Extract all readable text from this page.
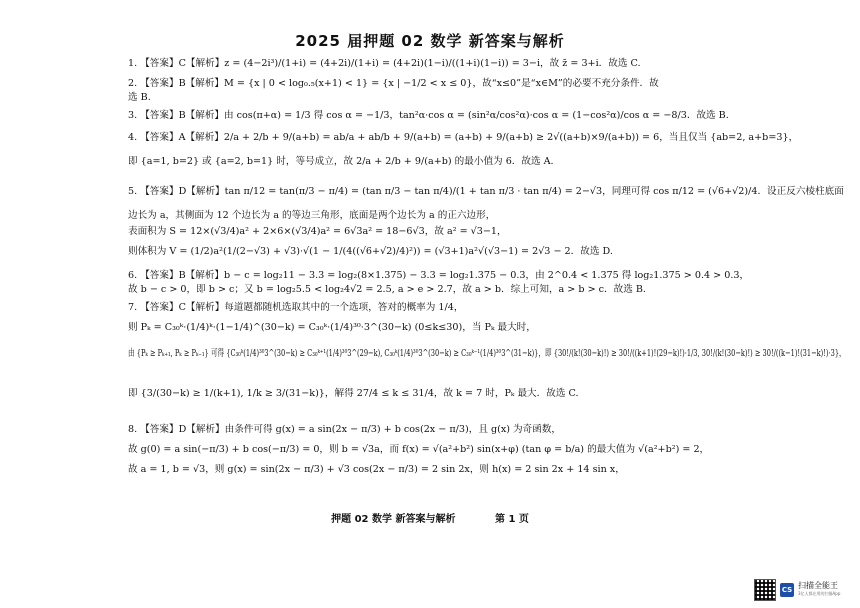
2025 届押题 02 数学 新答案与解析
1. 【答案】C【解析】z = (4−2i³)/(1+i) = (4+2i)/(1+i) = (4+2i)(1−i)/((1+i)(1−i)) = 3−i，故 z̄ = 3+i．故选 C.
2. 【答案】B【解析】M = {x | 0 < log₀.₅(x+1) < 1} = {x | −1/2 < x ≤ 0}，故“x≤0”是“x∈M”的必要不充分条件．故
选 B.
3. 【答案】B【解析】由 cos(π+α) = 1/3 得 cos α = −1/3，tan²α·cos α = (sin²α/cos²α)·cos α = (1−cos²α)/cos α = −8/3．故选 B.
4. 【答案】A【解析】2/a + 2/b + 9/(a+b) = ab/a + ab/b + 9/(a+b) = (a+b) + 9/(a+b) ≥ 2√((a+b)×9/(a+b)) = 6，当且仅当 {ab=2, a+b=3}，
即 {a=1, b=2} 或 {a=2, b=1} 时，等号成立，故 2/a + 2/b + 9/(a+b) 的最小值为 6．故选 A.
5. 【答案】D【解析】tan π/12 = tan(π/3 − π/4) = (tan π/3 − tan π/4)/(1 + tan π/3 · tan π/4) = 2−√3，同理可得 cos π/12 = (√6+√2)/4．设正反六棱柱底面
边长为 a，其侧面为 12 个边长为 a 的等边三角形，底面是两个边长为 a 的正六边形，
表面积为 S = 12×(√3/4)a² + 2×6×(√3/4)a² = 6√3a² = 18−6√3，故 a² = √3−1，
则体积为 V = (1/2)a²(1/(2−√3) + √3)·√(1 − 1/(4((√6+√2)/4)²)) = (√3+1)a²√(√3−1) = 2√3 − 2．故选 D.
6. 【答案】B【解析】b − c = log₂11 − 3.3 = log₂(8×1.375) − 3.3 = log₂1.375 − 0.3，由 2^0.4 < 1.375 得 log₂1.375 > 0.4 > 0.3，
故 b − c > 0，即 b > c；又 b = log₂5.5 < log₂4√2 = 2.5, a > e > 2.7，故 a > b．综上可知，a > b > c．故选 B.
7. 【答案】C【解析】每道题都随机选取其中的一个选项，答对的概率为 1/4，
则 Pₖ = C₃₀ᵏ·(1/4)ᵏ·(1−1/4)^(30−k) = C₃₀ᵏ·(1/4)³⁰·3^(30−k) (0≤k≤30)，当 Pₖ 最大时，
由 {Pₖ ≥ Pₖ₊₁, Pₖ ≥ Pₖ₋₁} 可得 {C₃₀ᵏ(1/4)³⁰3^(30−k) ≥ C₃₀ᵏ⁺¹(1/4)³⁰3^(29−k), C₃₀ᵏ(1/4)³⁰3^(30−k) ≥ C₃₀ᵏ⁻¹(1/4)³⁰3^(31−k)}，即 {30!/(k!(30−k)!) ≥ 30!/((k+1)!(29−k)!)·1/3, 30!/(k!(30−k)!) ≥ 30!/((k−1)!(31−k)!)·3}，
即 {3/(30−k) ≥ 1/(k+1), 1/k ≥ 3/(31−k)}，解得 27/4 ≤ k ≤ 31/4，故 k = 7 时，Pₖ 最大．故选 C.
8. 【答案】D【解析】由条件可得 g(x) = a sin(2x − π/3) + b cos(2x − π/3)，且 g(x) 为奇函数，
故 g(0) = a sin(−π/3) + b cos(−π/3) = 0，则 b = √3a，而 f(x) = √(a²+b²) sin(x+φ) (tan φ = b/a) 的最大值为 √(a²+b²) = 2，
故 a = 1, b = √3，则 g(x) = sin(2x − π/3) + √3 cos(2x − π/3) = 2 sin 2x，则 h(x) = 2 sin 2x + 14 sin x，
押题 02 数学 新答案与解析	第 1 页
CS 扫描全能王
3亿人都在用的扫描App
